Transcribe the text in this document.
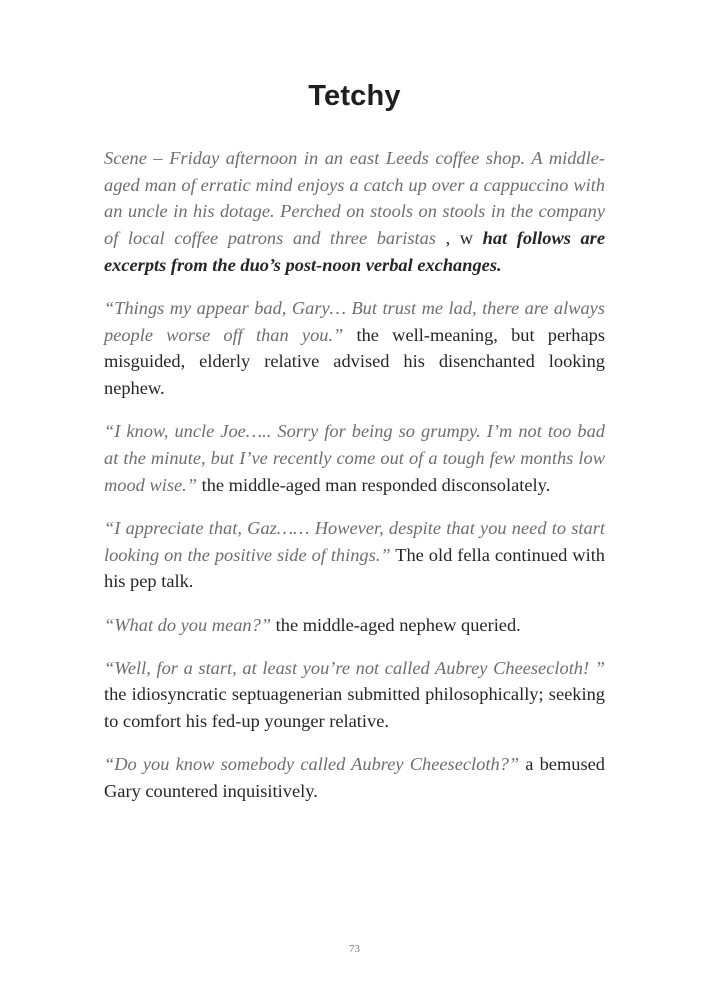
Tetchy

Scene – Friday afternoon in an east Leeds coffee shop. A middle-aged man of erratic mind enjoys a catch up over a cappuccino with an uncle in his dotage. Perched on stools on stools in the company of local coffee patrons and three baristas , w hat follows are excerpts from the duo’s post-noon verbal exchanges.

“Things my appear bad, Gary… But trust me lad, there are always people worse off than you.” the well-meaning, but perhaps misguided, elderly relative advised his disenchanted looking nephew.

“I know, uncle Joe….. Sorry for being so grumpy. I’m not too bad at the minute, but I’ve recently come out of a tough few months low mood wise.” the middle-aged man responded disconsolately.

“I appreciate that, Gaz…… However, despite that you need to start looking on the positive side of things.” The old fella continued with his pep talk.

“What do you mean?” the middle-aged nephew queried.

“Well, for a start, at least you’re not called Aubrey Cheesecloth! ” the idiosyncratic septuagenerian submitted philosophically; seeking to comfort his fed-up younger relative.

“Do you know somebody called Aubrey Cheesecloth?” a bemused Gary countered inquisitively.

73
